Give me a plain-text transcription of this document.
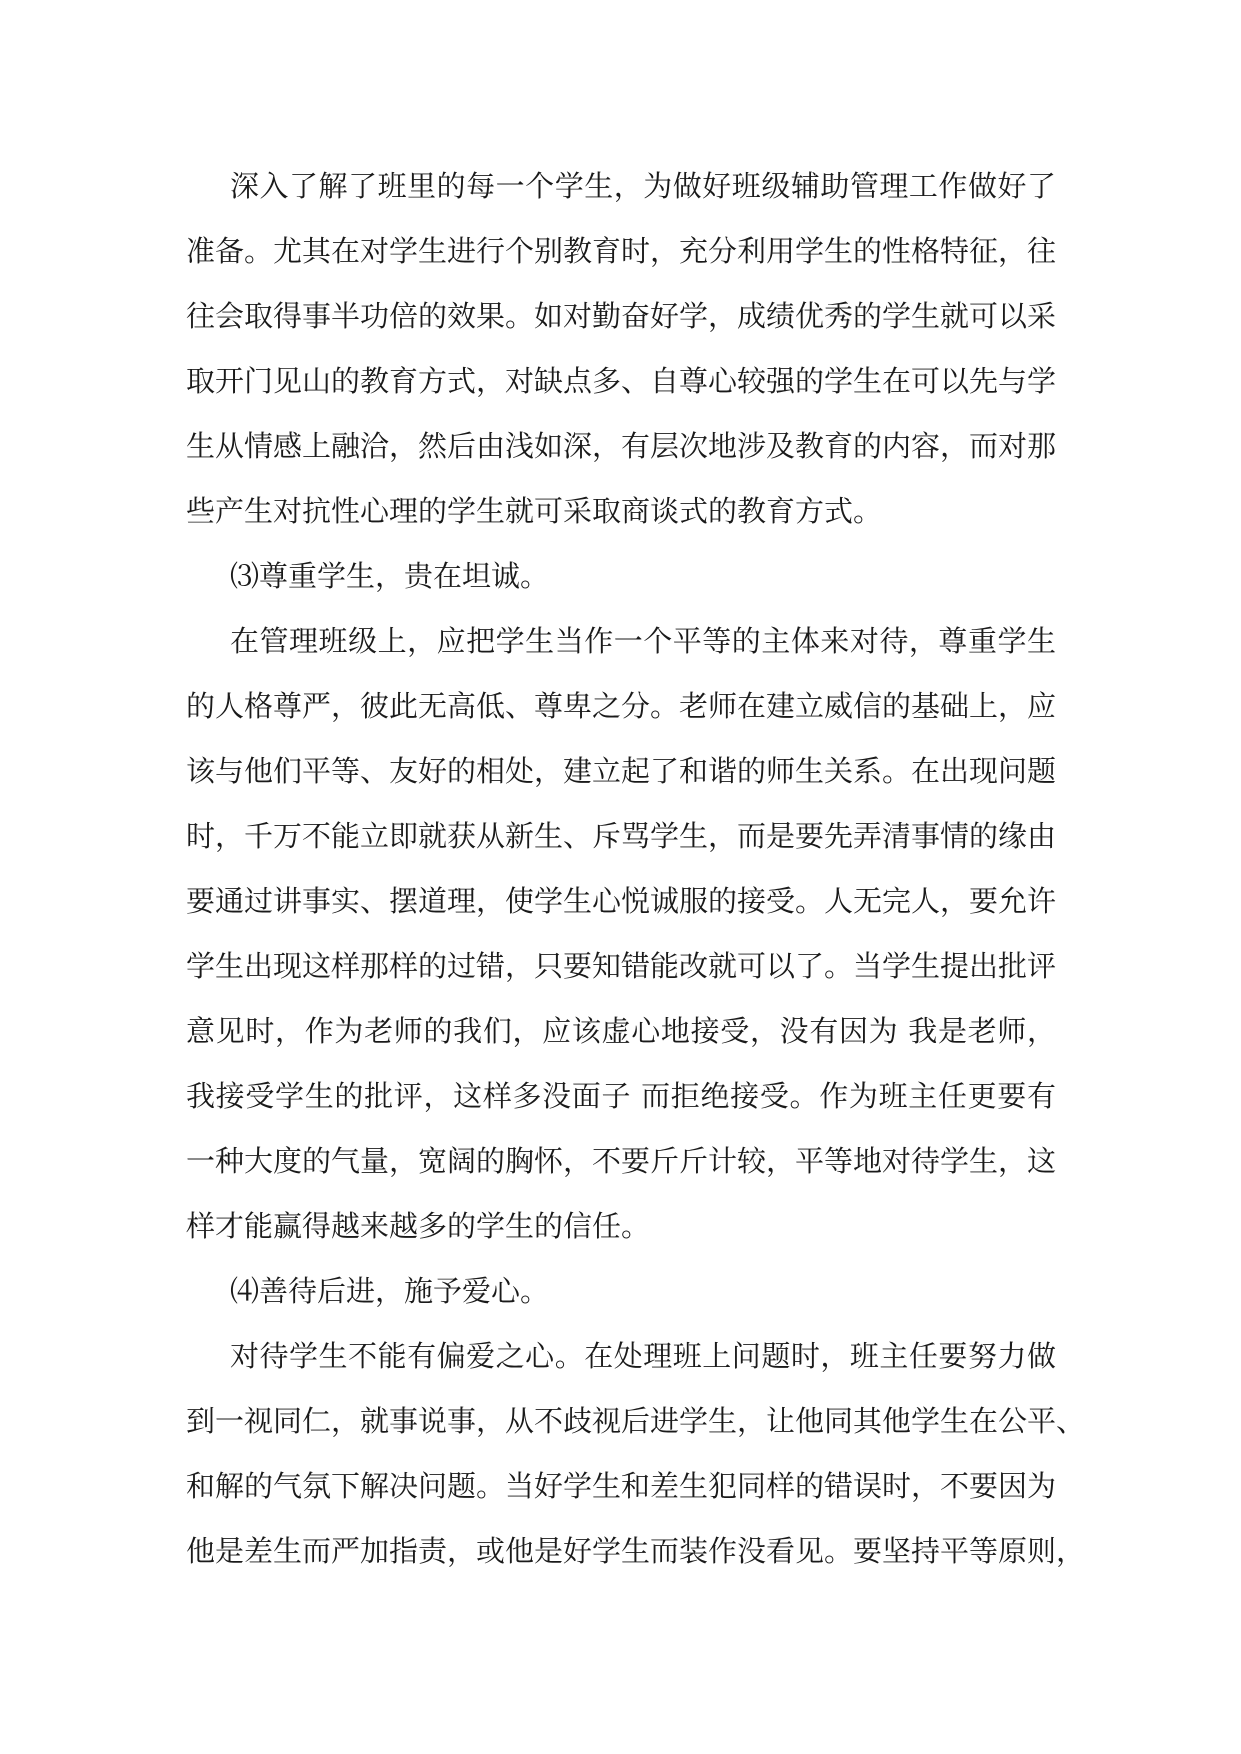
深入了解了班里的每一个学生，为做好班级辅助管理工作做好了
准备。尤其在对学生进行个别教育时，充分利用学生的性格特征，往
往会取得事半功倍的效果。如对勤奋好学，成绩优秀的学生就可以采
取开门见山的教育方式，对缺点多、自尊心较强的学生在可以先与学
生从情感上融洽，然后由浅如深，有层次地涉及教育的内容，而对那
些产生对抗性心理的学生就可采取商谈式的教育方式。
⑶尊重学生，贵在坦诚。
在管理班级上，应把学生当作一个平等的主体来对待，尊重学生
的人格尊严，彼此无高低、尊卑之分。老师在建立威信的基础上，应
该与他们平等、友好的相处，建立起了和谐的师生关系。在出现问题
时，千万不能立即就获从新生、斥骂学生，而是要先弄清事情的缘由
要通过讲事实、摆道理，使学生心悦诚服的接受。人无完人，要允许
学生出现这样那样的过错，只要知错能改就可以了。当学生提出批评
意见时，作为老师的我们，应该虚心地接受，没有因为 我是老师，
我接受学生的批评，这样多没面子 而拒绝接受。作为班主任更要有
一种大度的气量，宽阔的胸怀，不要斤斤计较，平等地对待学生，这
样才能赢得越来越多的学生的信任。
⑷善待后进，施予爱心。
对待学生不能有偏爱之心。在处理班上问题时，班主任要努力做
到一视同仁，就事说事，从不歧视后进学生，让他同其他学生在公平、
和解的气氛下解决问题。当好学生和差生犯同样的错误时，不要因为
他是差生而严加指责，或他是好学生而装作没看见。要坚持平等原则，
